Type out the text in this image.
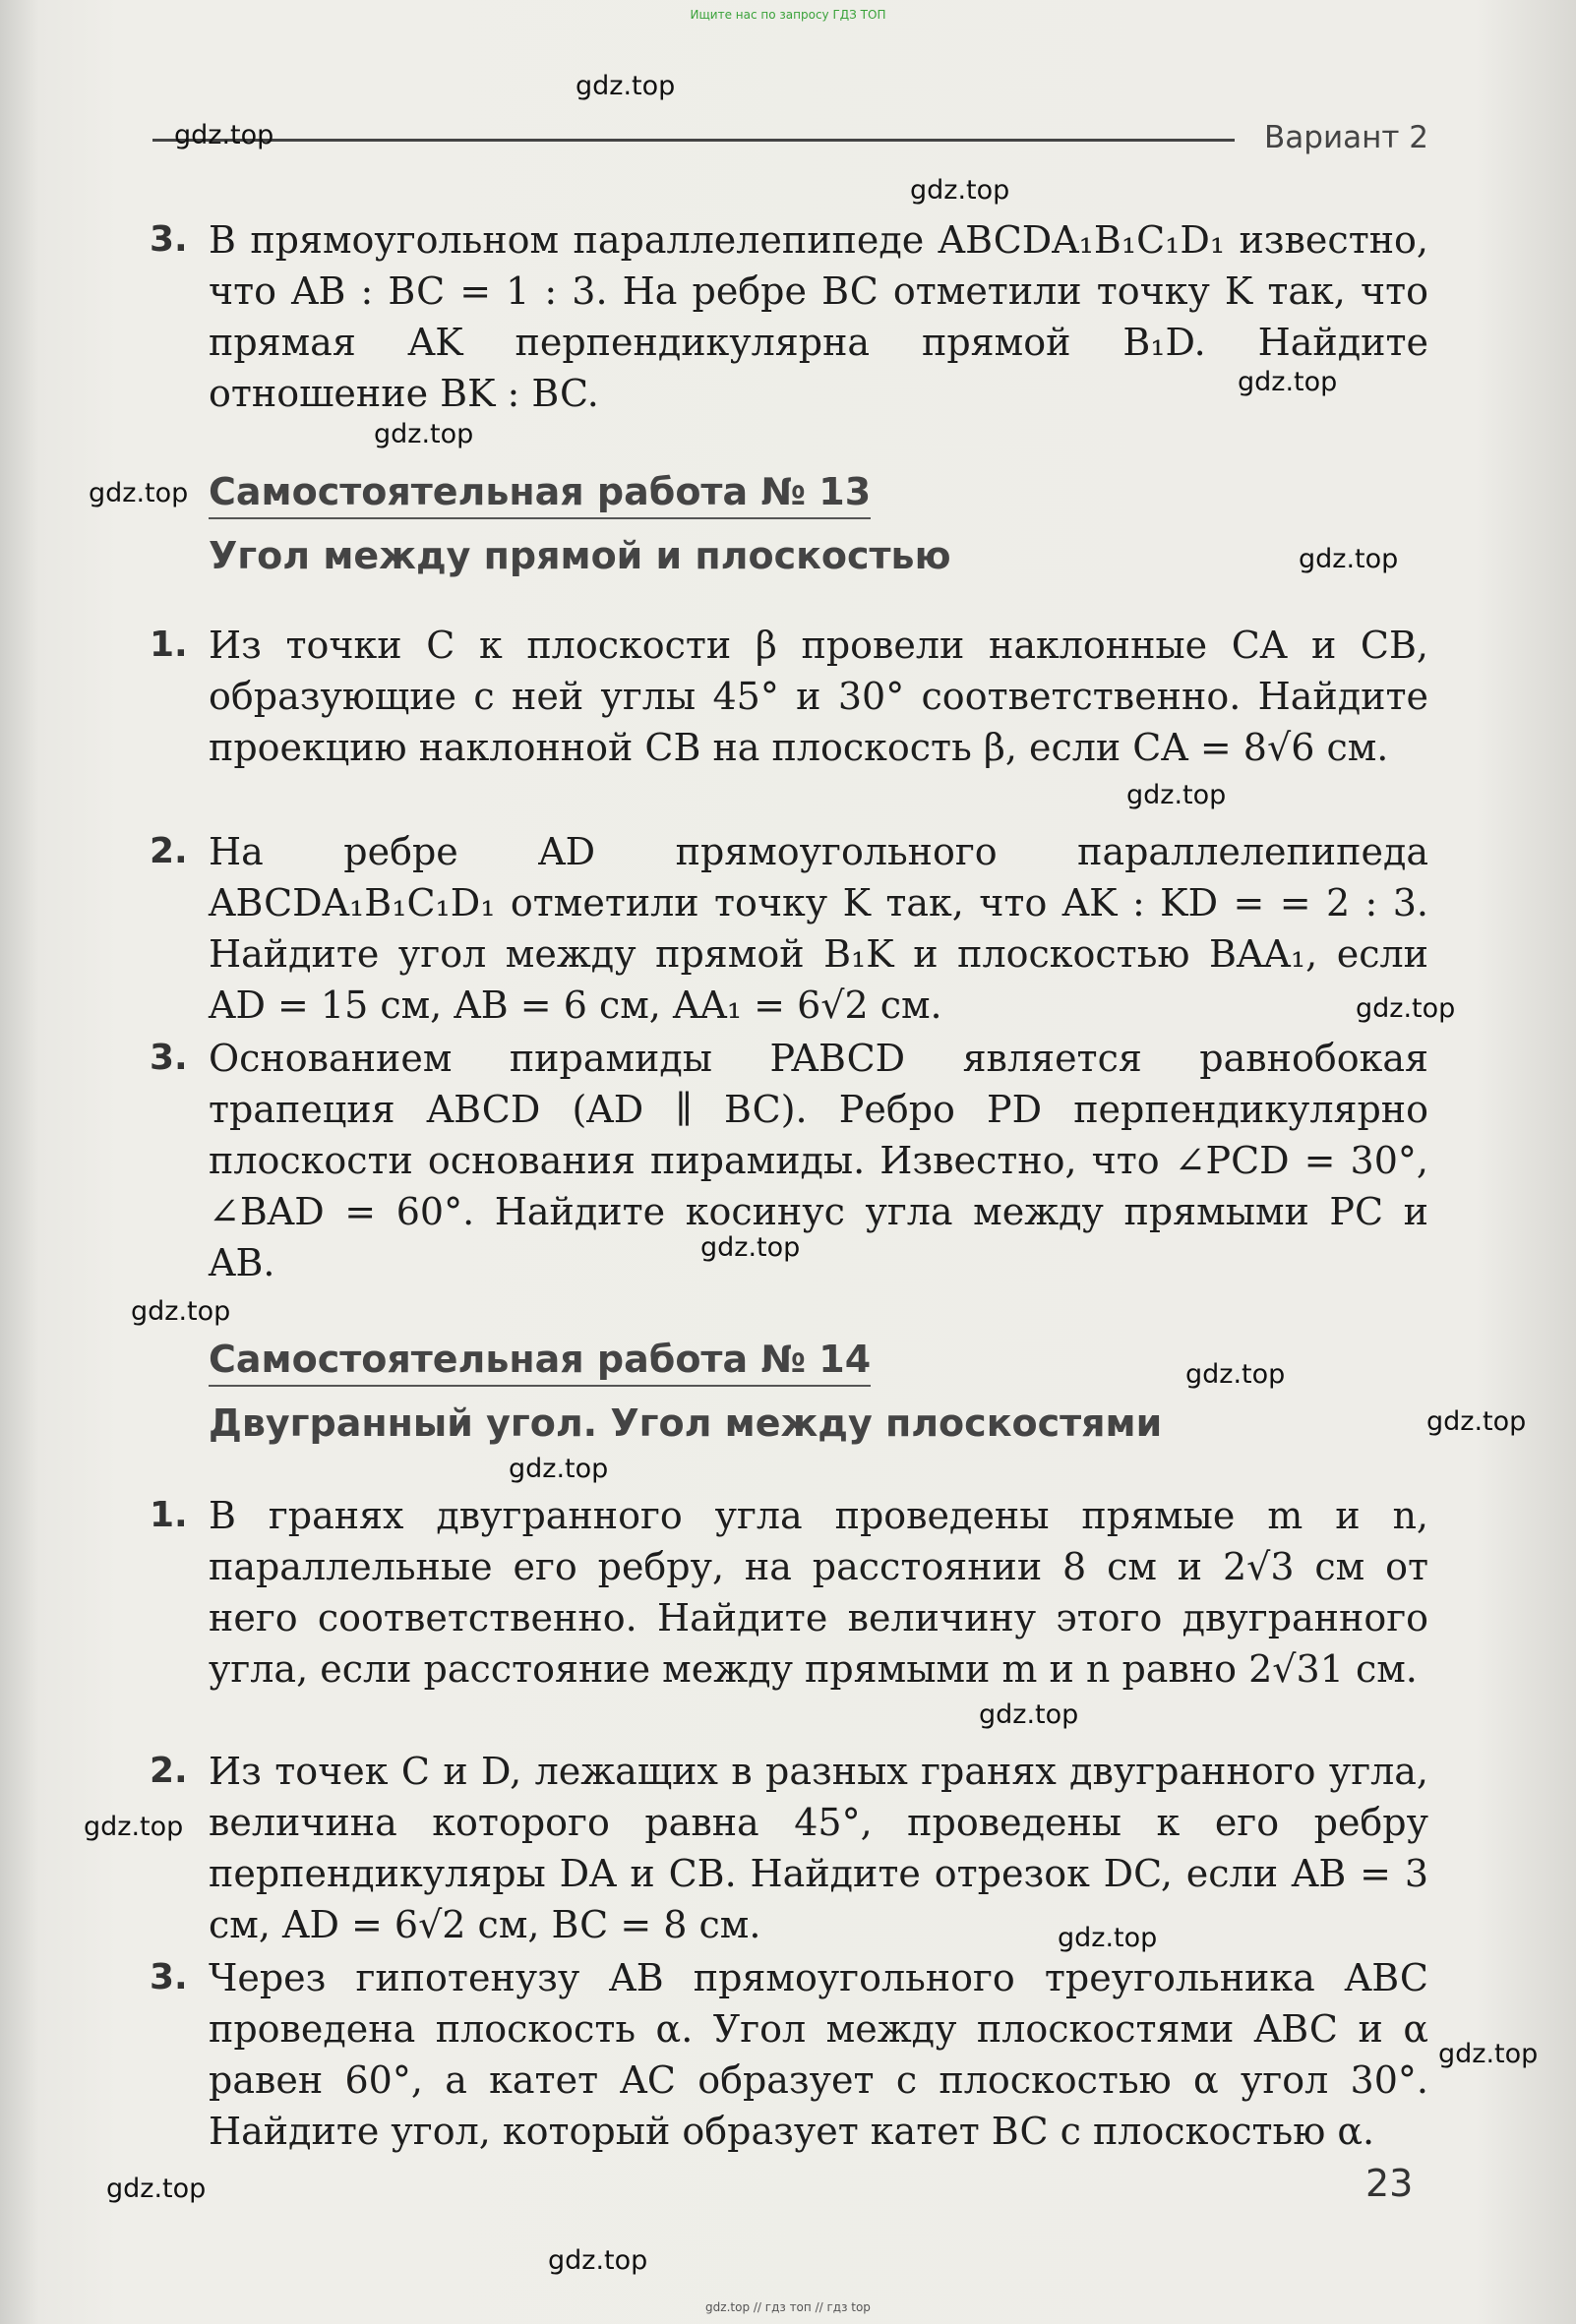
Ищите нас по запросу ГДЗ ТОП
Вариант 2
3. В прямоугольном параллелепипеде ABCDA₁B₁C₁D₁ известно, что AB : BC = 1 : 3. На ребре BC отметили точку K так, что прямая AK перпендикулярна прямой B₁D. Найдите отношение BK : BC.
Самостоятельная работа № 13
Угол между прямой и плоскостью
1. Из точки C к плоскости β провели наклонные CA и CB, образующие с ней углы 45° и 30° соответственно. Найдите проекцию наклонной CB на плоскость β, если CA = 8√6 см.
2. На ребре AD прямоугольного параллелепипеда ABCDA₁B₁C₁D₁ отметили точку K так, что AK : KD = = 2 : 3. Найдите угол между прямой B₁K и плоскостью BAA₁, если AD = 15 см, AB = 6 см, AA₁ = 6√2 см.
3. Основанием пирамиды PABCD является равнобокая трапеция ABCD (AD ∥ BC). Ребро PD перпендикулярно плоскости основания пирамиды. Известно, что ∠PCD = 30°, ∠BAD = 60°. Найдите косинус угла между прямыми PC и AB.
Самостоятельная работа № 14
Двугранный угол. Угол между плоскостями
1. В гранях двугранного угла проведены прямые m и n, параллельные его ребру, на расстоянии 8 см и 2√3 см от него соответственно. Найдите величину этого двугранного угла, если расстояние между прямыми m и n равно 2√31 см.
2. Из точек C и D, лежащих в разных гранях двугранного угла, величина которого равна 45°, проведены к его ребру перпендикуляры DA и CB. Найдите отрезок DC, если AB = 3 см, AD = 6√2 см, BC = 8 см.
3. Через гипотенузу AB прямоугольного треугольника ABC проведена плоскость α. Угол между плоскостями ABC и α равен 60°, а катет AC образует с плоскостью α угол 30°. Найдите угол, который образует катет BC с плоскостью α.
23
gdz.top
gdz.top
gdz.top
gdz.top
gdz.top
gdz.top
gdz.top
gdz.top
gdz.top
gdz.top
gdz.top
gdz.top
gdz.top
gdz.top
gdz.top
gdz.top
gdz.top
gdz.top
gdz.top
gdz.top
gdz.top // гдз топ // гдз top
